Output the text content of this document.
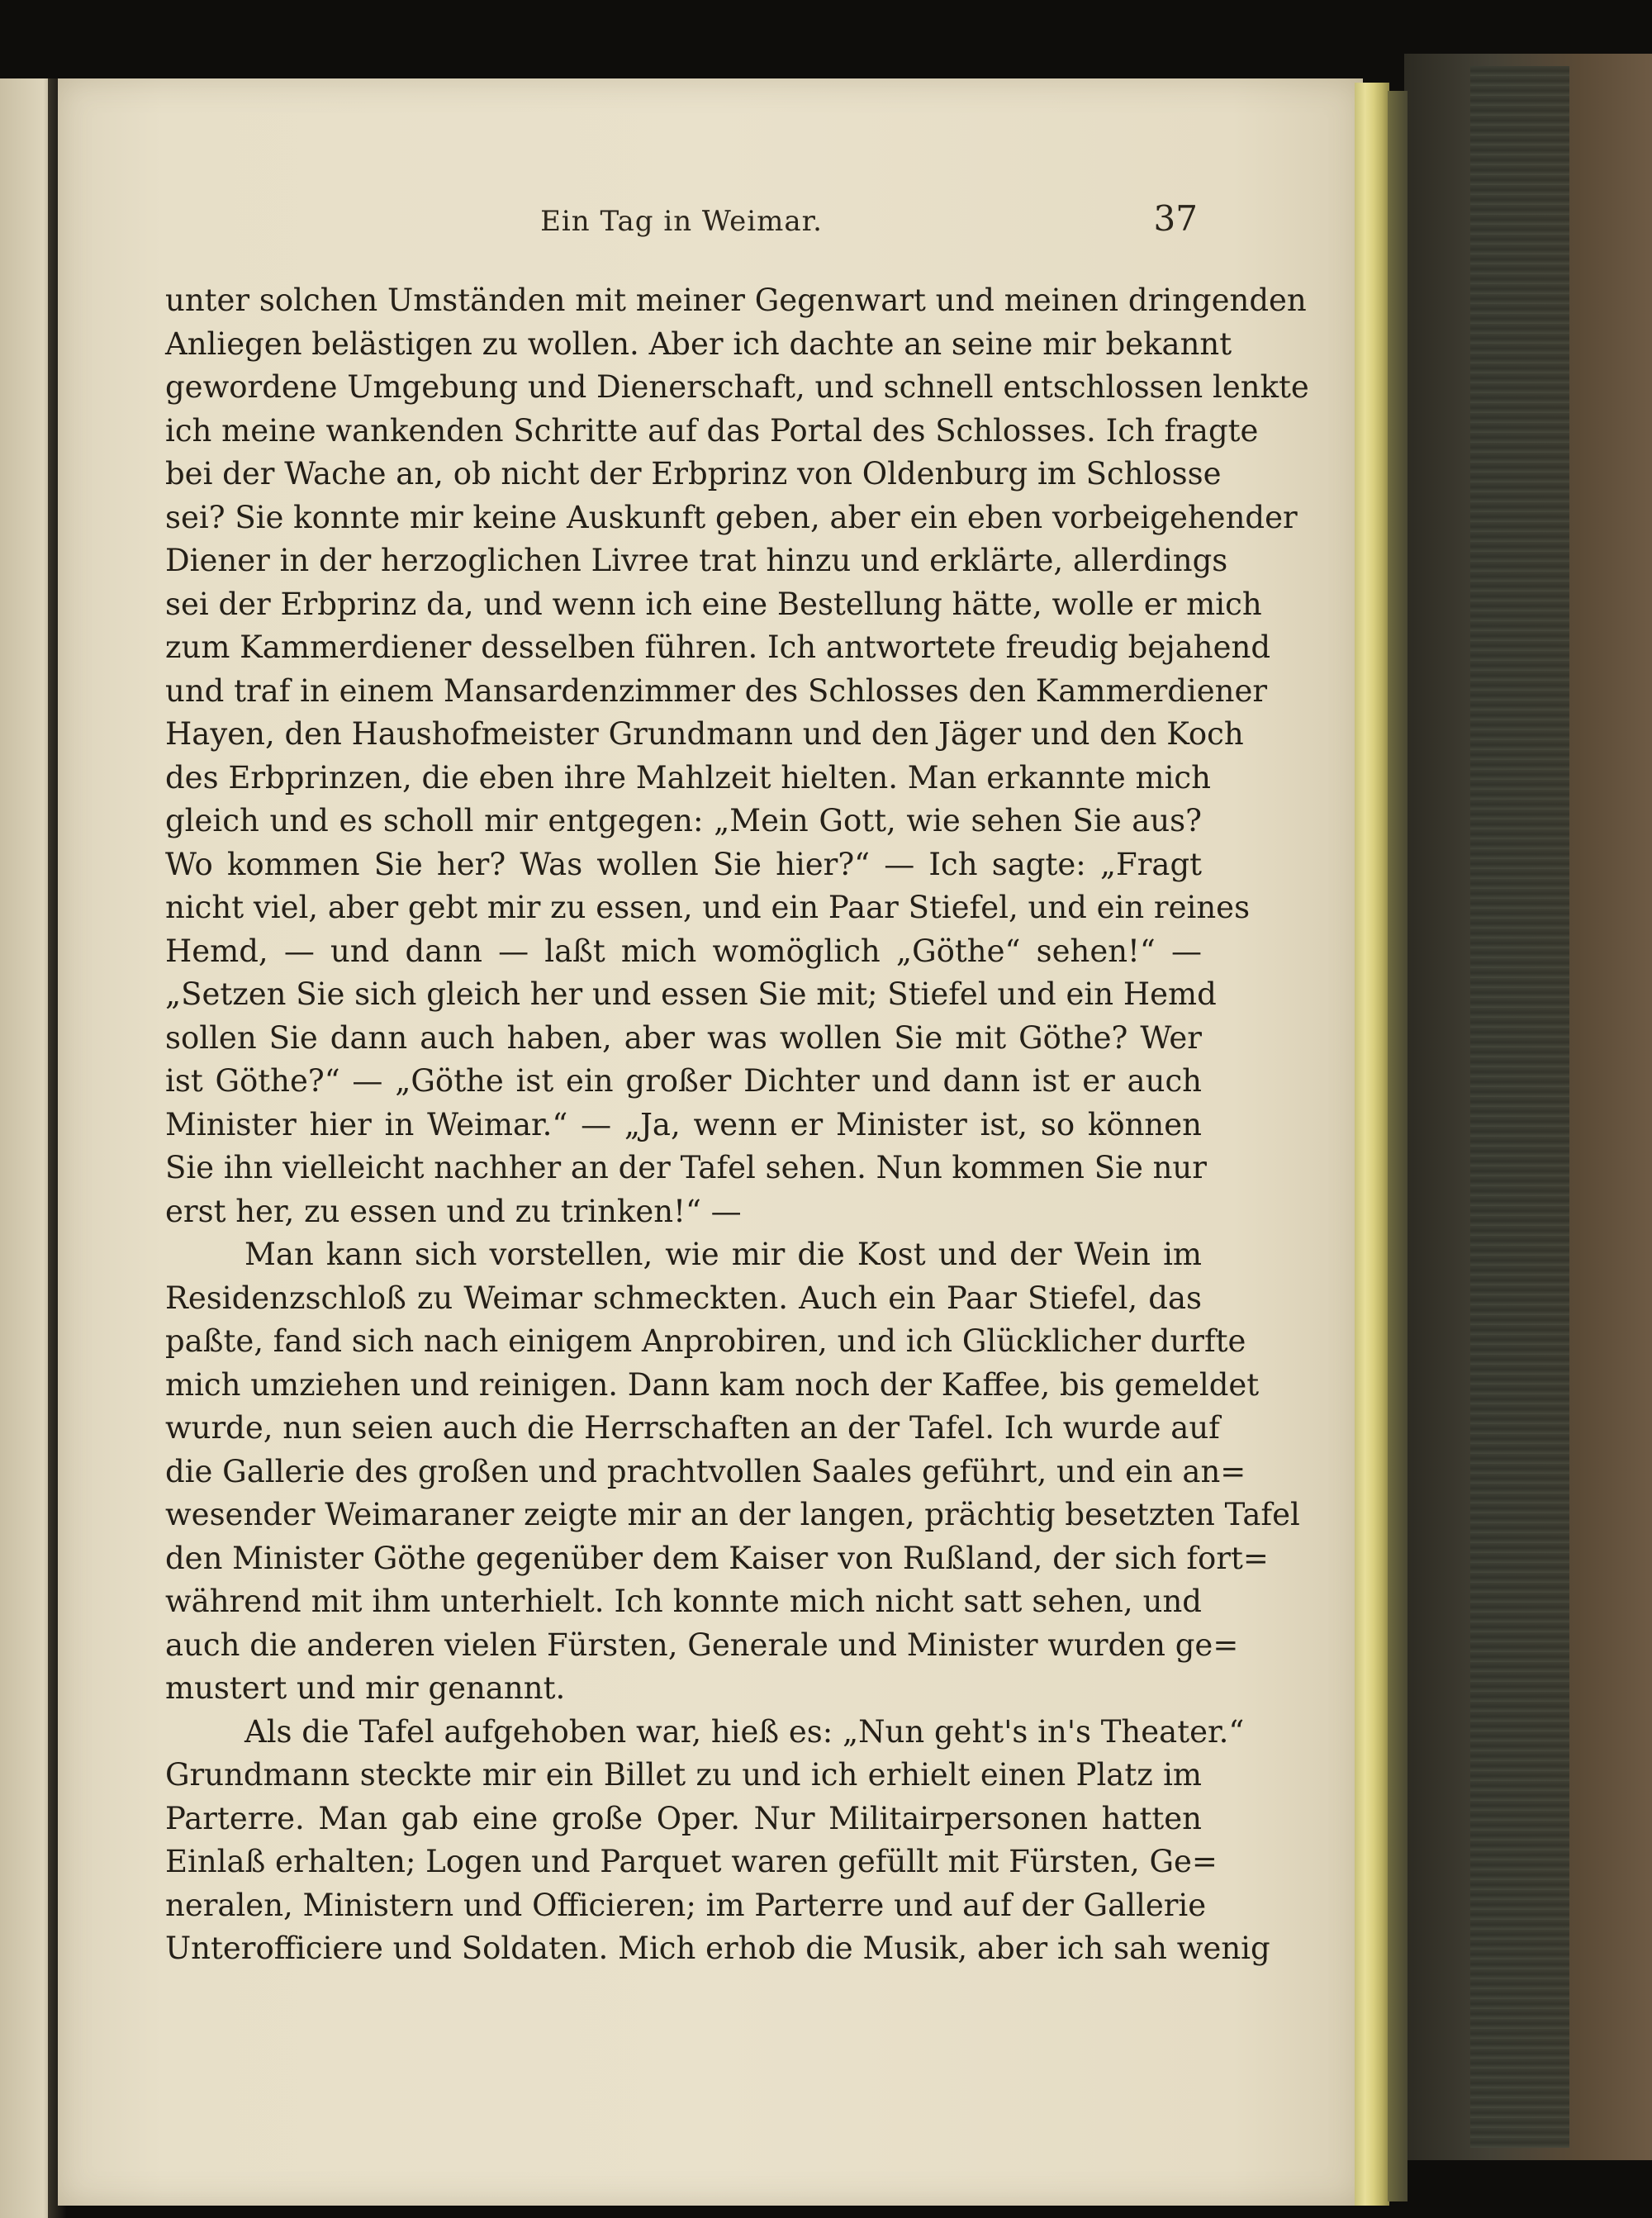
Ein Tag in Weimar.	37
unter solchen Umständen mit meiner Gegenwart und meinen dringenden
Anliegen belästigen zu wollen. Aber ich dachte an seine mir bekannt
gewordene Umgebung und Dienerschaft, und schnell entschlossen lenkte
ich meine wankenden Schritte auf das Portal des Schlosses. Ich fragte
bei der Wache an, ob nicht der Erbprinz von Oldenburg im Schlosse
sei? Sie konnte mir keine Auskunft geben, aber ein eben vorbeigehender
Diener in der herzoglichen Livree trat hinzu und erklärte, allerdings
sei der Erbprinz da, und wenn ich eine Bestellung hätte, wolle er mich
zum Kammerdiener desselben führen. Ich antwortete freudig bejahend
und traf in einem Mansardenzimmer des Schlosses den Kammerdiener
Hayen, den Haushofmeister Grundmann und den Jäger und den Koch
des Erbprinzen, die eben ihre Mahlzeit hielten. Man erkannte mich
gleich und es scholl mir entgegen: „Mein Gott, wie sehen Sie aus?
Wo kommen Sie her? Was wollen Sie hier?“ — Ich sagte: „Fragt
nicht viel, aber gebt mir zu essen, und ein Paar Stiefel, und ein reines
Hemd, — und dann — laßt mich womöglich „Göthe“ sehen!“ —
„Setzen Sie sich gleich her und essen Sie mit; Stiefel und ein Hemd
sollen Sie dann auch haben, aber was wollen Sie mit Göthe? Wer
ist Göthe?“ — „Göthe ist ein großer Dichter und dann ist er auch
Minister hier in Weimar.“ — „Ja, wenn er Minister ist, so können
Sie ihn vielleicht nachher an der Tafel sehen. Nun kommen Sie nur
erst her, zu essen und zu trinken!“ —
Man kann sich vorstellen, wie mir die Kost und der Wein im
Residenzschloß zu Weimar schmeckten. Auch ein Paar Stiefel, das
paßte, fand sich nach einigem Anprobiren, und ich Glücklicher durfte
mich umziehen und reinigen. Dann kam noch der Kaffee, bis gemeldet
wurde, nun seien auch die Herrschaften an der Tafel. Ich wurde auf
die Gallerie des großen und prachtvollen Saales geführt, und ein an=
wesender Weimaraner zeigte mir an der langen, prächtig besetzten Tafel
den Minister Göthe gegenüber dem Kaiser von Rußland, der sich fort=
während mit ihm unterhielt. Ich konnte mich nicht satt sehen, und
auch die anderen vielen Fürsten, Generale und Minister wurden ge=
mustert und mir genannt.
Als die Tafel aufgehoben war, hieß es: „Nun geht's in's Theater.“
Grundmann steckte mir ein Billet zu und ich erhielt einen Platz im
Parterre. Man gab eine große Oper. Nur Militairpersonen hatten
Einlaß erhalten; Logen und Parquet waren gefüllt mit Fürsten, Ge=
neralen, Ministern und Officieren; im Parterre und auf der Gallerie
Unterofficiere und Soldaten. Mich erhob die Musik, aber ich sah wenig
